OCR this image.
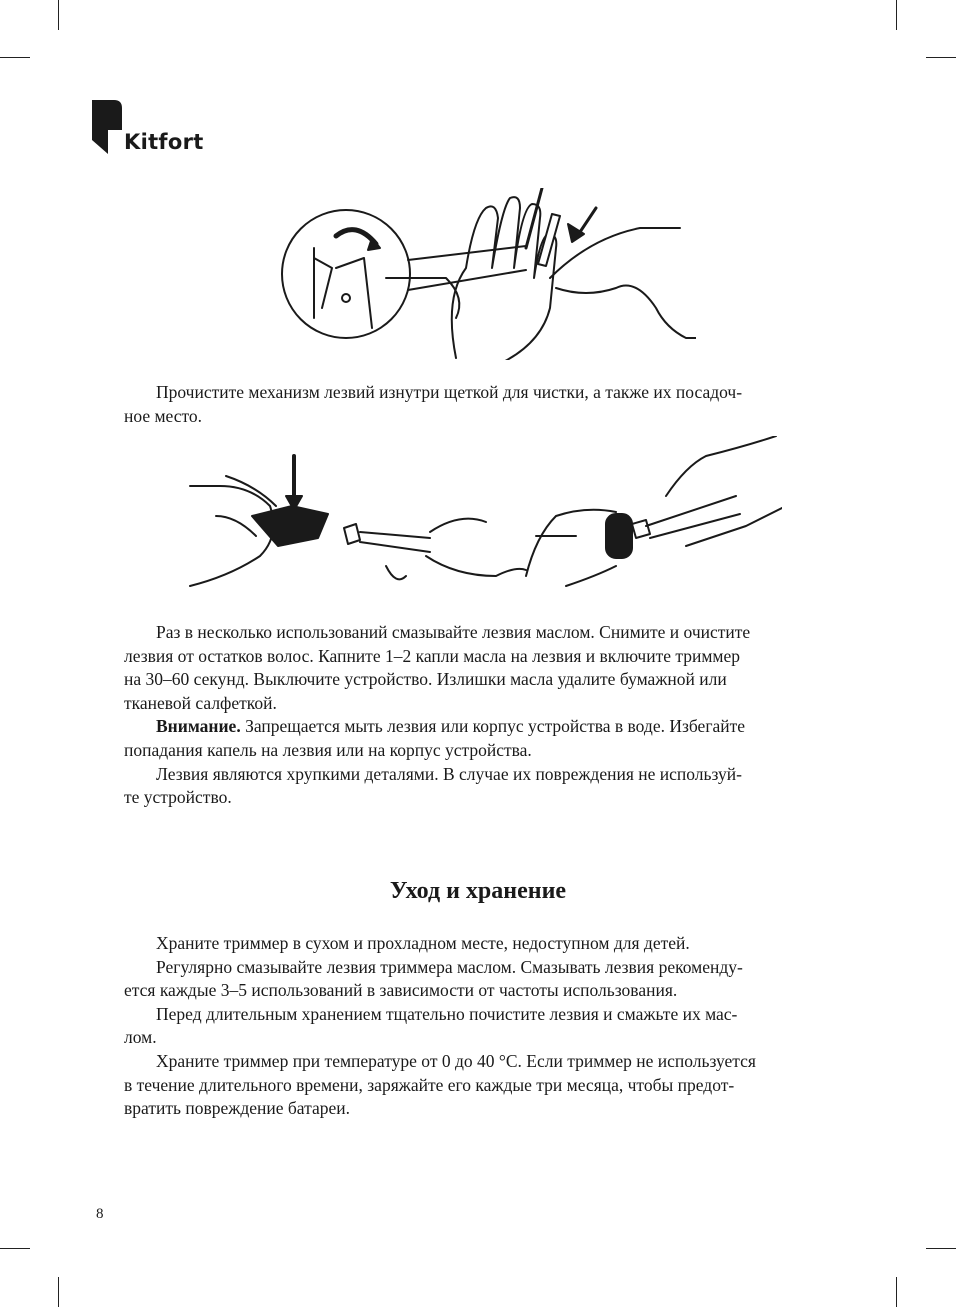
Kitfort

Прочистите механизм лезвий изнутри щеткой для чистки, а также их посадоч-

ное место.

Раз в несколько использований смазывайте лезвия маслом. Снимите и очистите

лезвия от остатков волос. Капните 1–2 капли масла на лезвия и включите триммер
на 30–60 секунд. Выключите устройство. Излишки масла удалите бумажной или
тканевой салфеткой.

Внимание. Запрещается мыть лезвия или корпус устройства в воде. Избегайте

попадания капель на лезвия или на корпус устройства.

Лезвия являются хрупкими деталями. В случае их повреждения не используй-

те устройство.
Уход и хранение

Храните триммер в сухом и прохладном месте, недоступном для детей.

Регулярно смазывайте лезвия триммера маслом. Смазывать лезвия рекоменду-

ется каждые 3–5 использований в зависимости от частоты использования.

Перед длительным хранением тщательно почистите лезвия и смажьте их мас-

лом.

Храните триммер при температуре от 0 до 40 °C. Если триммер не используется

в течение длительного времени, заряжайте его каждые три месяца, чтобы предот-
вратить повреждение батареи.
8
